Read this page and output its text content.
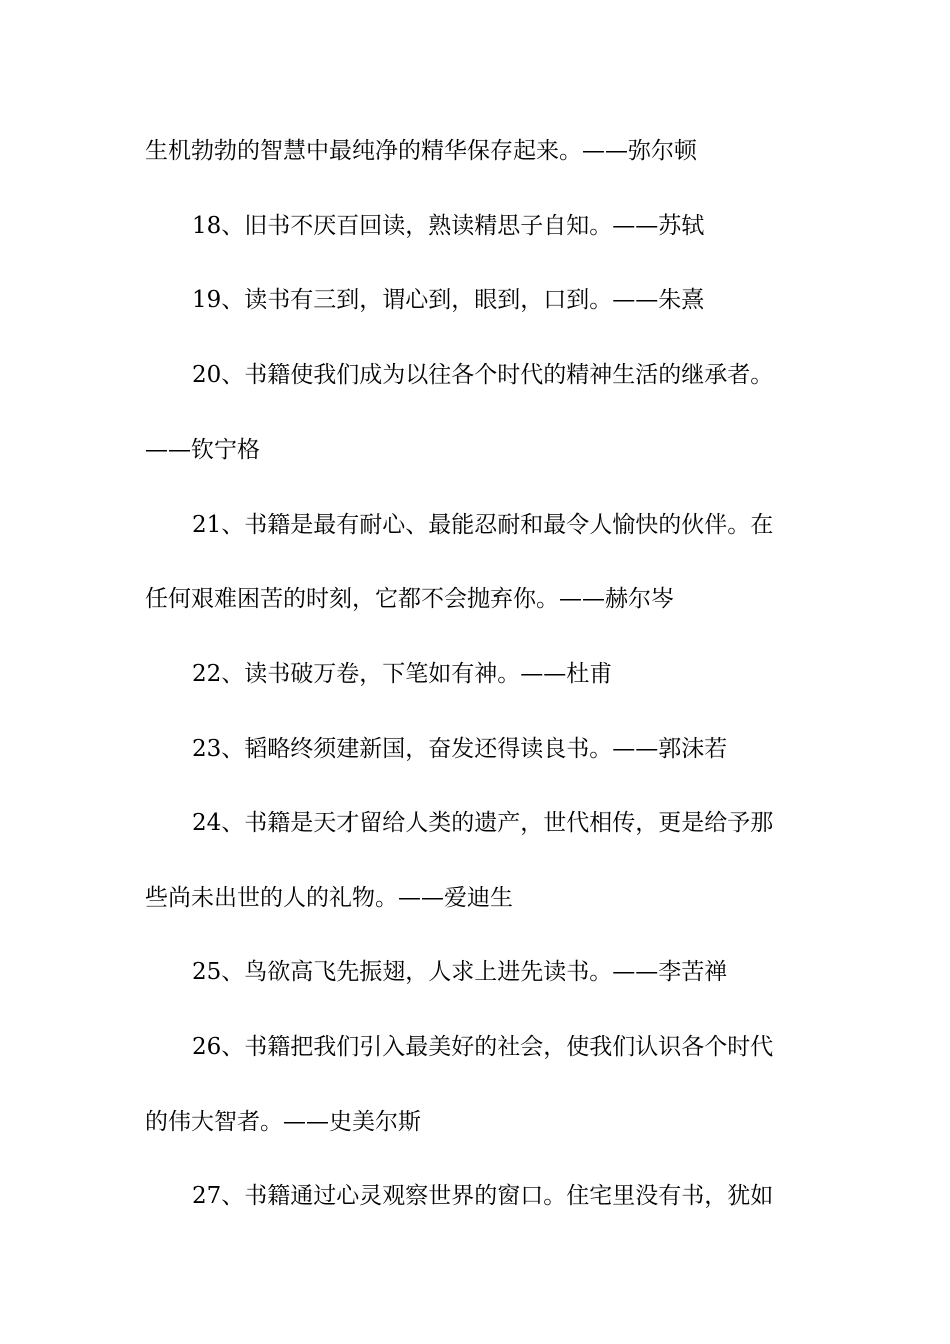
生机勃勃的智慧中最纯净的精华保存起来。——弥尔顿
18、旧书不厌百回读，熟读精思子自知。——苏轼
19、读书有三到，谓心到，眼到，口到。——朱熹
20、书籍使我们成为以往各个时代的精神生活的继承者。
——钦宁格
21、书籍是最有耐心、最能忍耐和最令人愉快的伙伴。在
任何艰难困苦的时刻，它都不会抛弃你。——赫尔岑
22、读书破万卷，下笔如有神。——杜甫
23、韬略终须建新国，奋发还得读良书。——郭沫若
24、书籍是天才留给人类的遗产，世代相传，更是给予那
些尚未出世的人的礼物。——爱迪生
25、鸟欲高飞先振翅，人求上进先读书。——李苦禅
26、书籍把我们引入最美好的社会，使我们认识各个时代
的伟大智者。——史美尔斯
27、书籍通过心灵观察世界的窗口。住宅里没有书，犹如
